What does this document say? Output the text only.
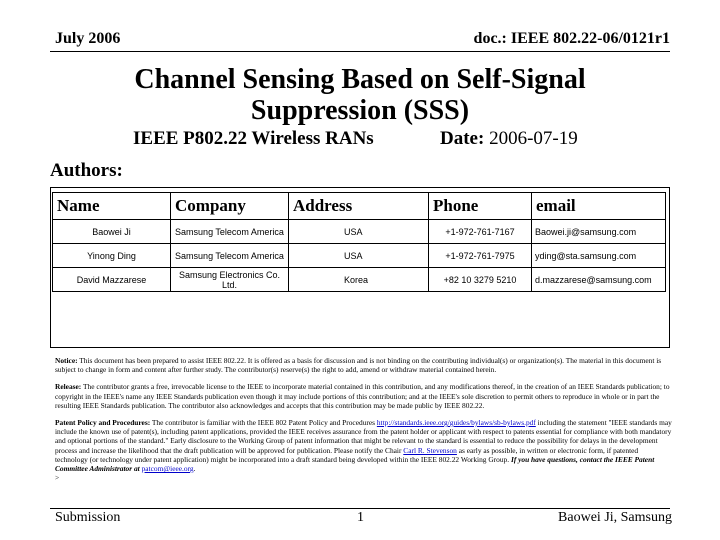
July 2006	doc.: IEEE 802.22-06/0121r1
Channel Sensing Based on Self-Signal Suppression (SSS)
IEEE P802.22 Wireless RANs	Date: 2006-07-19
Authors:
Name	Company	Address	Phone	email
Baowei Ji	Samsung Telecom America	USA	+1-972-761-7167	Baowei.ji@samsung.com
Yinong Ding	Samsung Telecom America	USA	+1-972-761-7975	yding@sta.samsung.com
David Mazzarese	Samsung Electronics Co. Ltd.	Korea	+82 10 3279 5210	d.mazzarese@samsung.com

Notice: This document has been prepared to assist IEEE 802.22. It is offered as a basis for discussion and is not binding on the contributing individual(s) or organization(s). The material in this document is subject to change in form and content after further study. The contributor(s) reserve(s) the right to add, amend or withdraw material contained herein.

Release: The contributor grants a free, irrevocable license to the IEEE to incorporate material contained in this contribution, and any modifications thereof, in the creation of an IEEE Standards publication; to copyright in the IEEE's name any IEEE Standards publication even though it may include portions of this contribution; and at the IEEE's sole discretion to permit others to reproduce in whole or in part the resulting IEEE Standards publication. The contributor also acknowledges and accepts that this contribution may be made public by IEEE 802.22.

Patent Policy and Procedures: The contributor is familiar with the IEEE 802 Patent Policy and Procedures http://standards.ieee.org/guides/bylaws/sb-bylaws.pdf including the statement "IEEE standards may include the known use of patent(s), including patent applications, provided the IEEE receives assurance from the patent holder or applicant with respect to patents essential for compliance with both mandatory and optional portions of the standard." Early disclosure to the Working Group of patent information that might be relevant to the standard is essential to reduce the possibility for delays in the development process and increase the likelihood that the draft publication will be approved for publication. Please notify the Chair Carl R. Stevenson as early as possible, in written or electronic form, if patented technology (or technology under patent application) might be incorporated into a draft standard being developed within the IEEE 802.22 Working Group. If you have questions, contact the IEEE Patent Committee Administrator at patcom@ieee.org.

>
Submission	1	Baowei Ji, Samsung
